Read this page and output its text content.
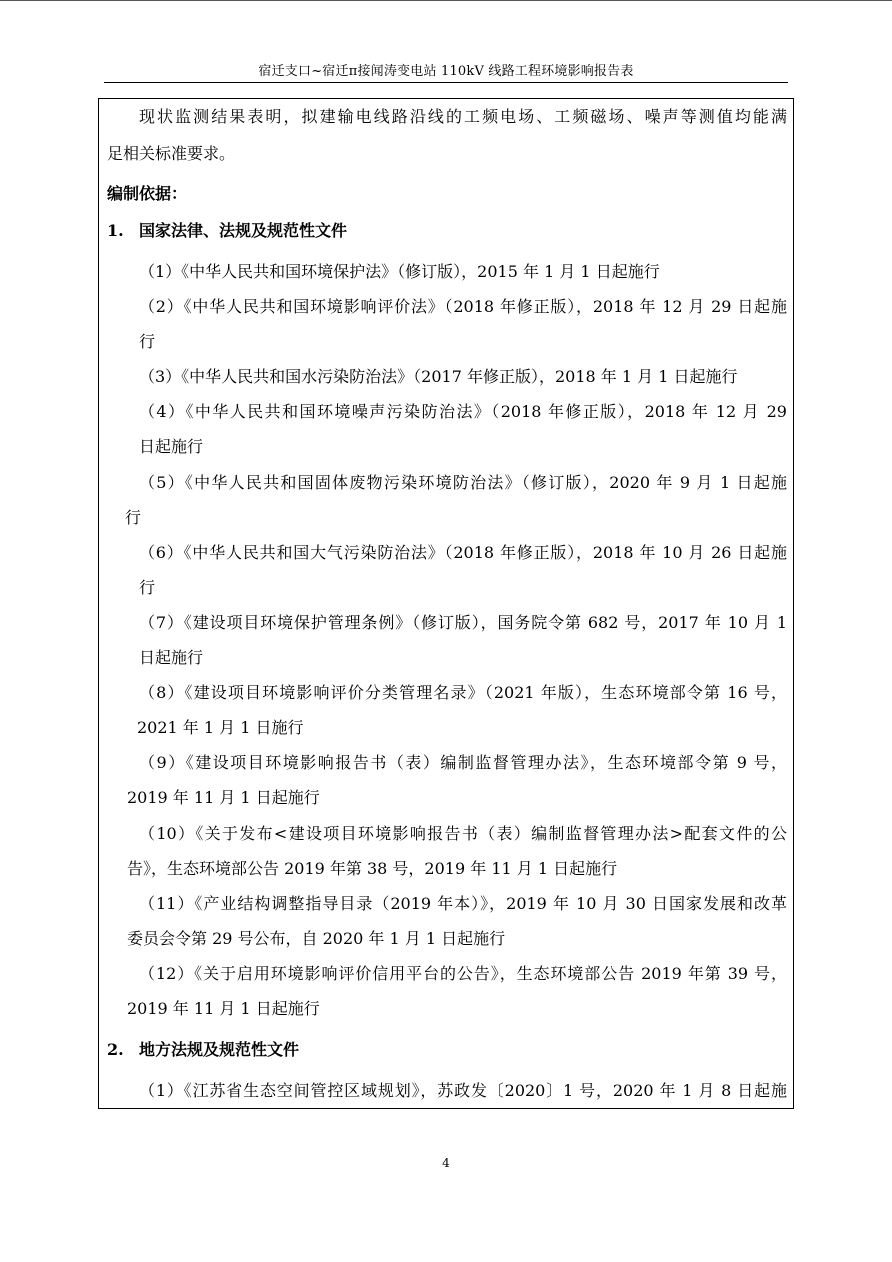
宿迁支口~宿迁π接闻涛变电站 110kV 线路工程环境影响报告表
现状监测结果表明，拟建输电线路沿线的工频电场、工频磁场、噪声等测值均能满
足相关标准要求。
编制依据：
1. 国家法律、法规及规范性文件
（1）《中华人民共和国环境保护法》（修订版），2015 年 1 月 1 日起施行
（2）《中华人民共和国环境影响评价法》（2018 年修正版），2018 年 12 月 29 日起施
行
（3）《中华人民共和国水污染防治法》（2017 年修正版），2018 年 1 月 1 日起施行
（4）《中华人民共和国环境噪声污染防治法》（2018 年修正版），2018 年 12 月 29
日起施行
（5）《中华人民共和国固体废物污染环境防治法》（修订版），2020 年 9 月 1 日起施
行
（6）《中华人民共和国大气污染防治法》（2018 年修正版），2018 年 10 月 26 日起施
行
（7）《建设项目环境保护管理条例》（修订版），国务院令第 682 号，2017 年 10 月 1
日起施行
（8）《建设项目环境影响评价分类管理名录》（2021 年版），生态环境部令第 16 号，
2021 年 1 月 1 日施行
（9）《建设项目环境影响报告书（表）编制监督管理办法》，生态环境部令第 9 号，
2019 年 11 月 1 日起施行
（10）《关于发布<建设项目环境影响报告书（表）编制监督管理办法>配套文件的公
告》，生态环境部公告 2019 年第 38 号，2019 年 11 月 1 日起施行
（11）《产业结构调整指导目录（2019 年本）》，2019 年 10 月 30 日国家发展和改革
委员会令第 29 号公布，自 2020 年 1 月 1 日起施行
（12）《关于启用环境影响评价信用平台的公告》，生态环境部公告 2019 年第 39 号，
2019 年 11 月 1 日起施行
2. 地方法规及规范性文件
（1）《江苏省生态空间管控区域规划》，苏政发〔2020〕1 号，2020 年 1 月 8 日起施
4
